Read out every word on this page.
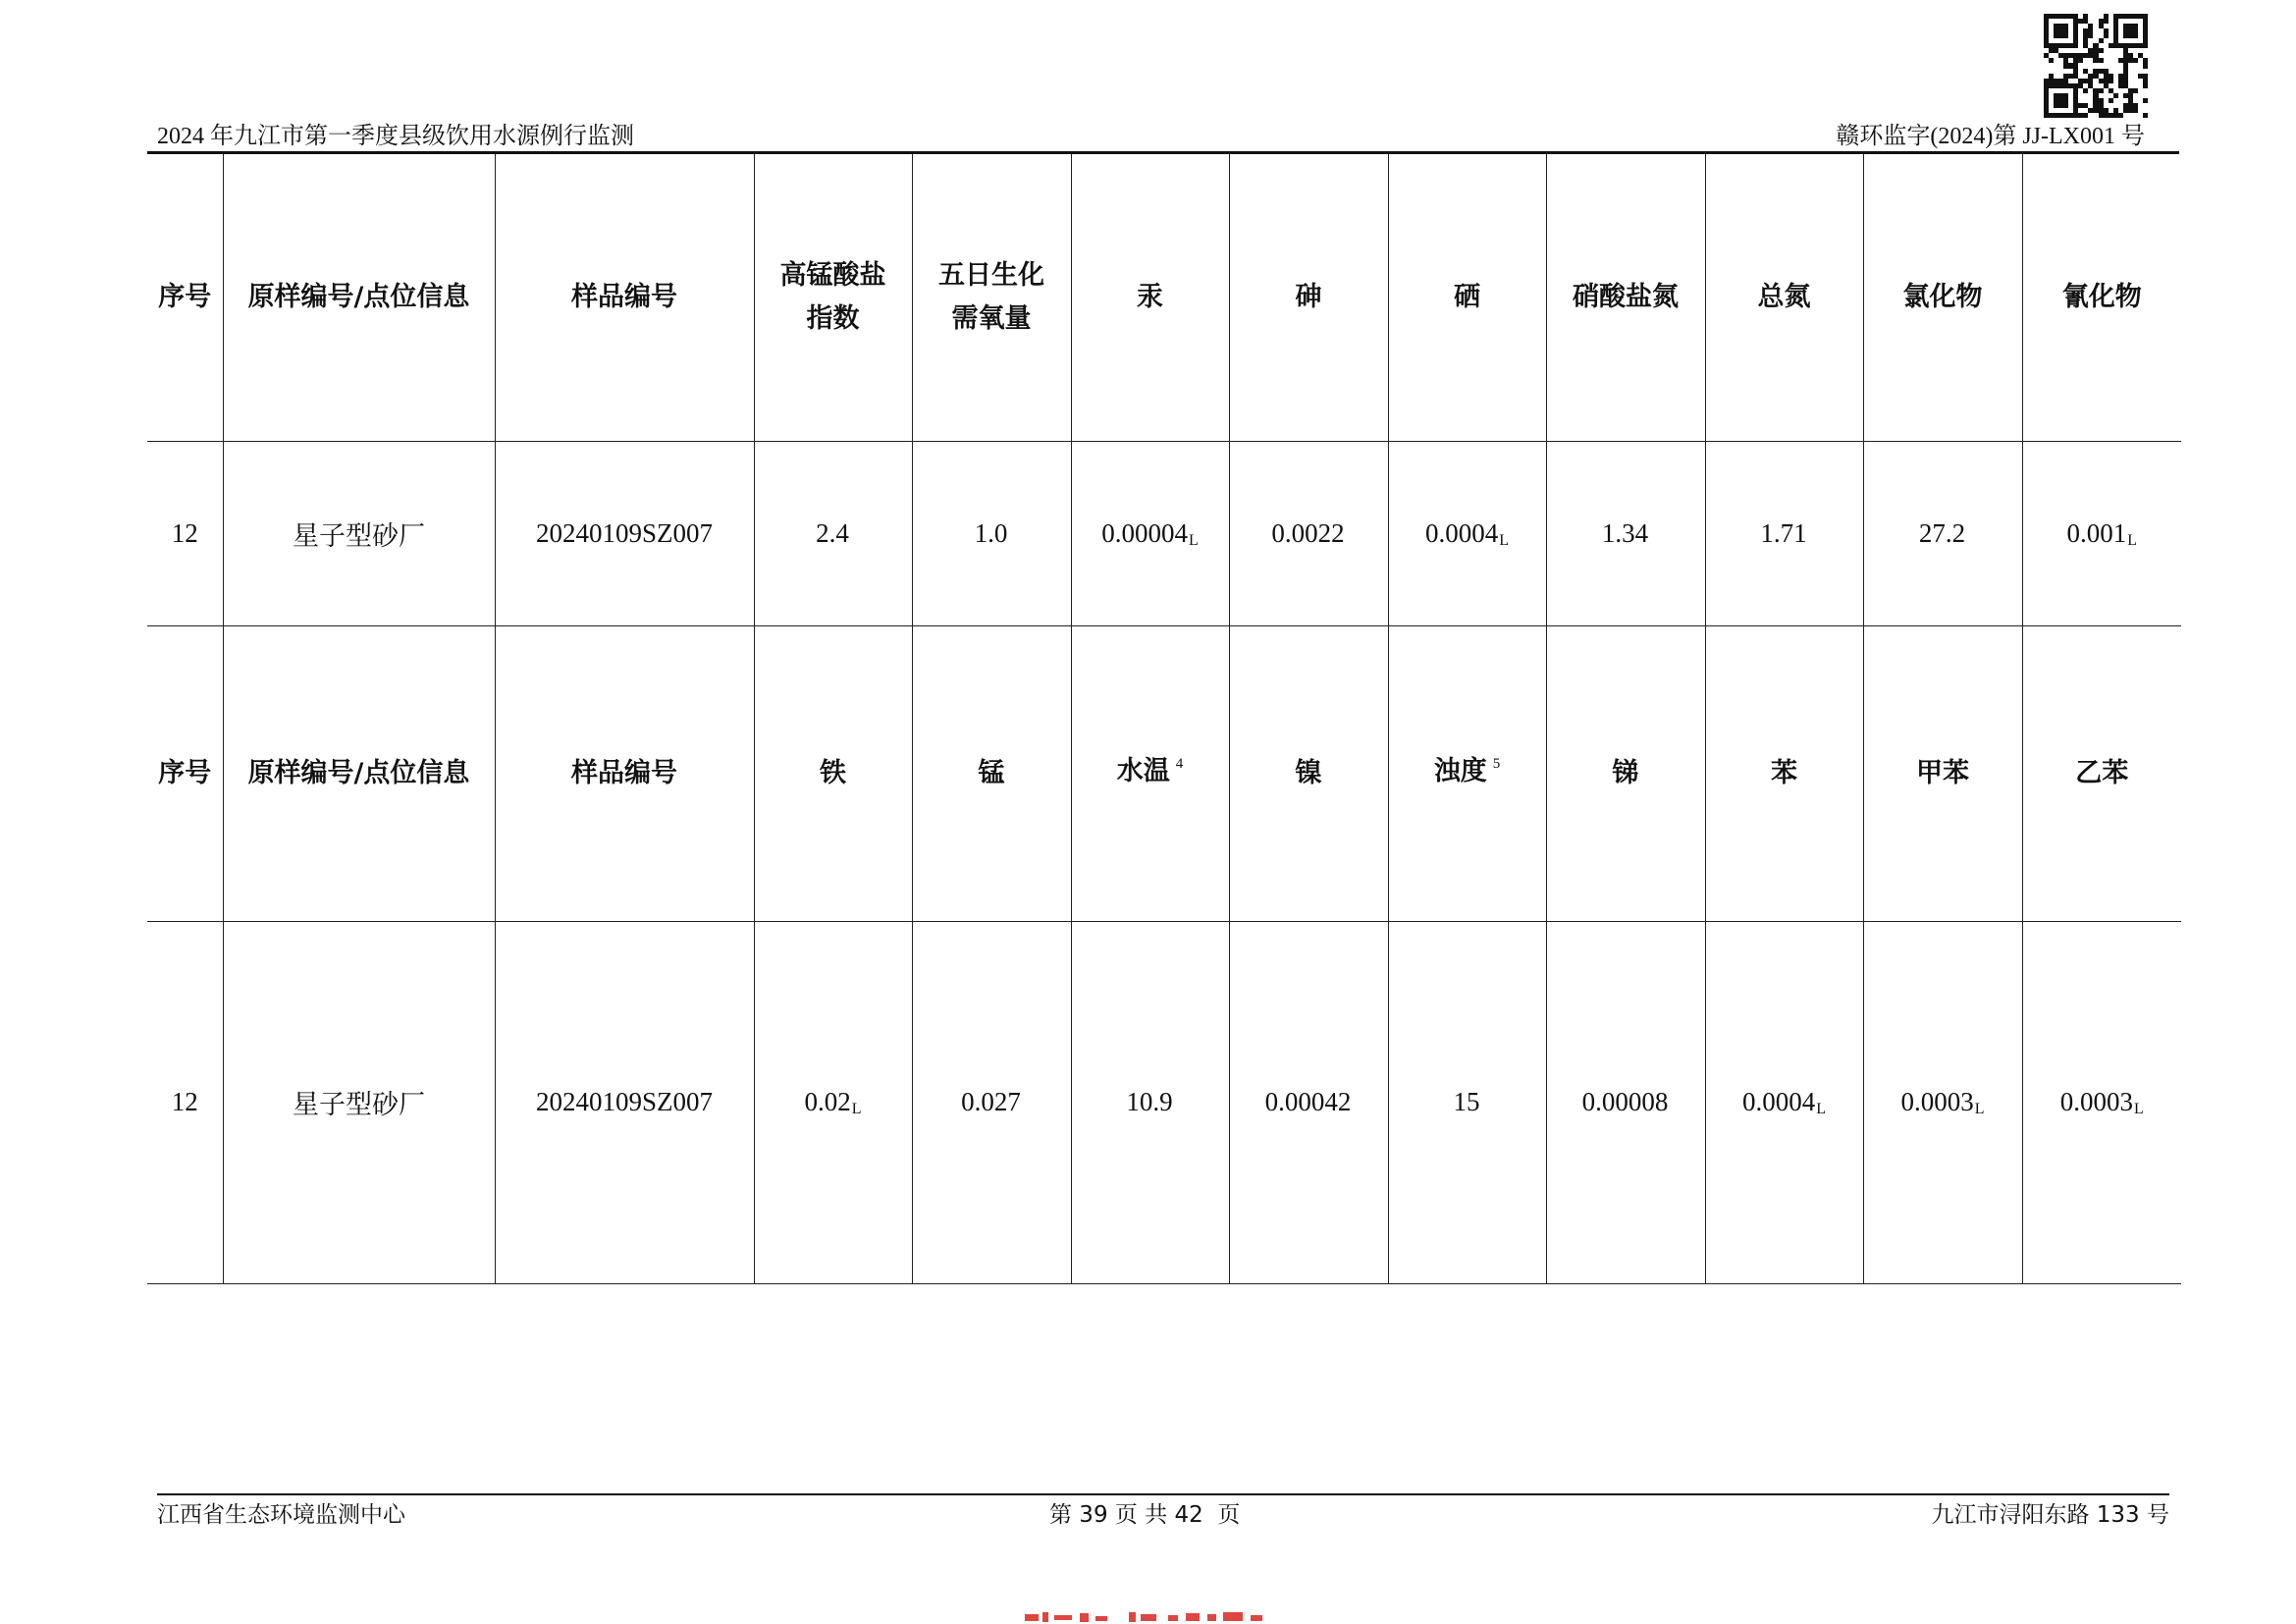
2024 年九江市第一季度县级饮用水源例行监测	赣环监字(2024)第 JJ-LX001 号
序号	原样编号/点位信息	样品编号	高锰酸盐指数	五日生化需氧量	汞	砷	硒	硝酸盐氮	总氮	氯化物	氰化物
12	星子型砂厂	20240109SZ007	2.4	1.0	0.00004L	0.0022	0.0004L	1.34	1.71	27.2	0.001L
序号	原样编号/点位信息	样品编号	铁	锰	水温 $^4$	镍	浊度 $^5$	锑	苯	甲苯	乙苯
12	星子型砂厂	20240109SZ007	0.02L	0.027	10.9	0.00042	15	0.00008	0.0004L	0.0003L	0.0003L
江西省生态环境监测中心	第 39 页 共 42  页	九江市浔阳东路 133 号
